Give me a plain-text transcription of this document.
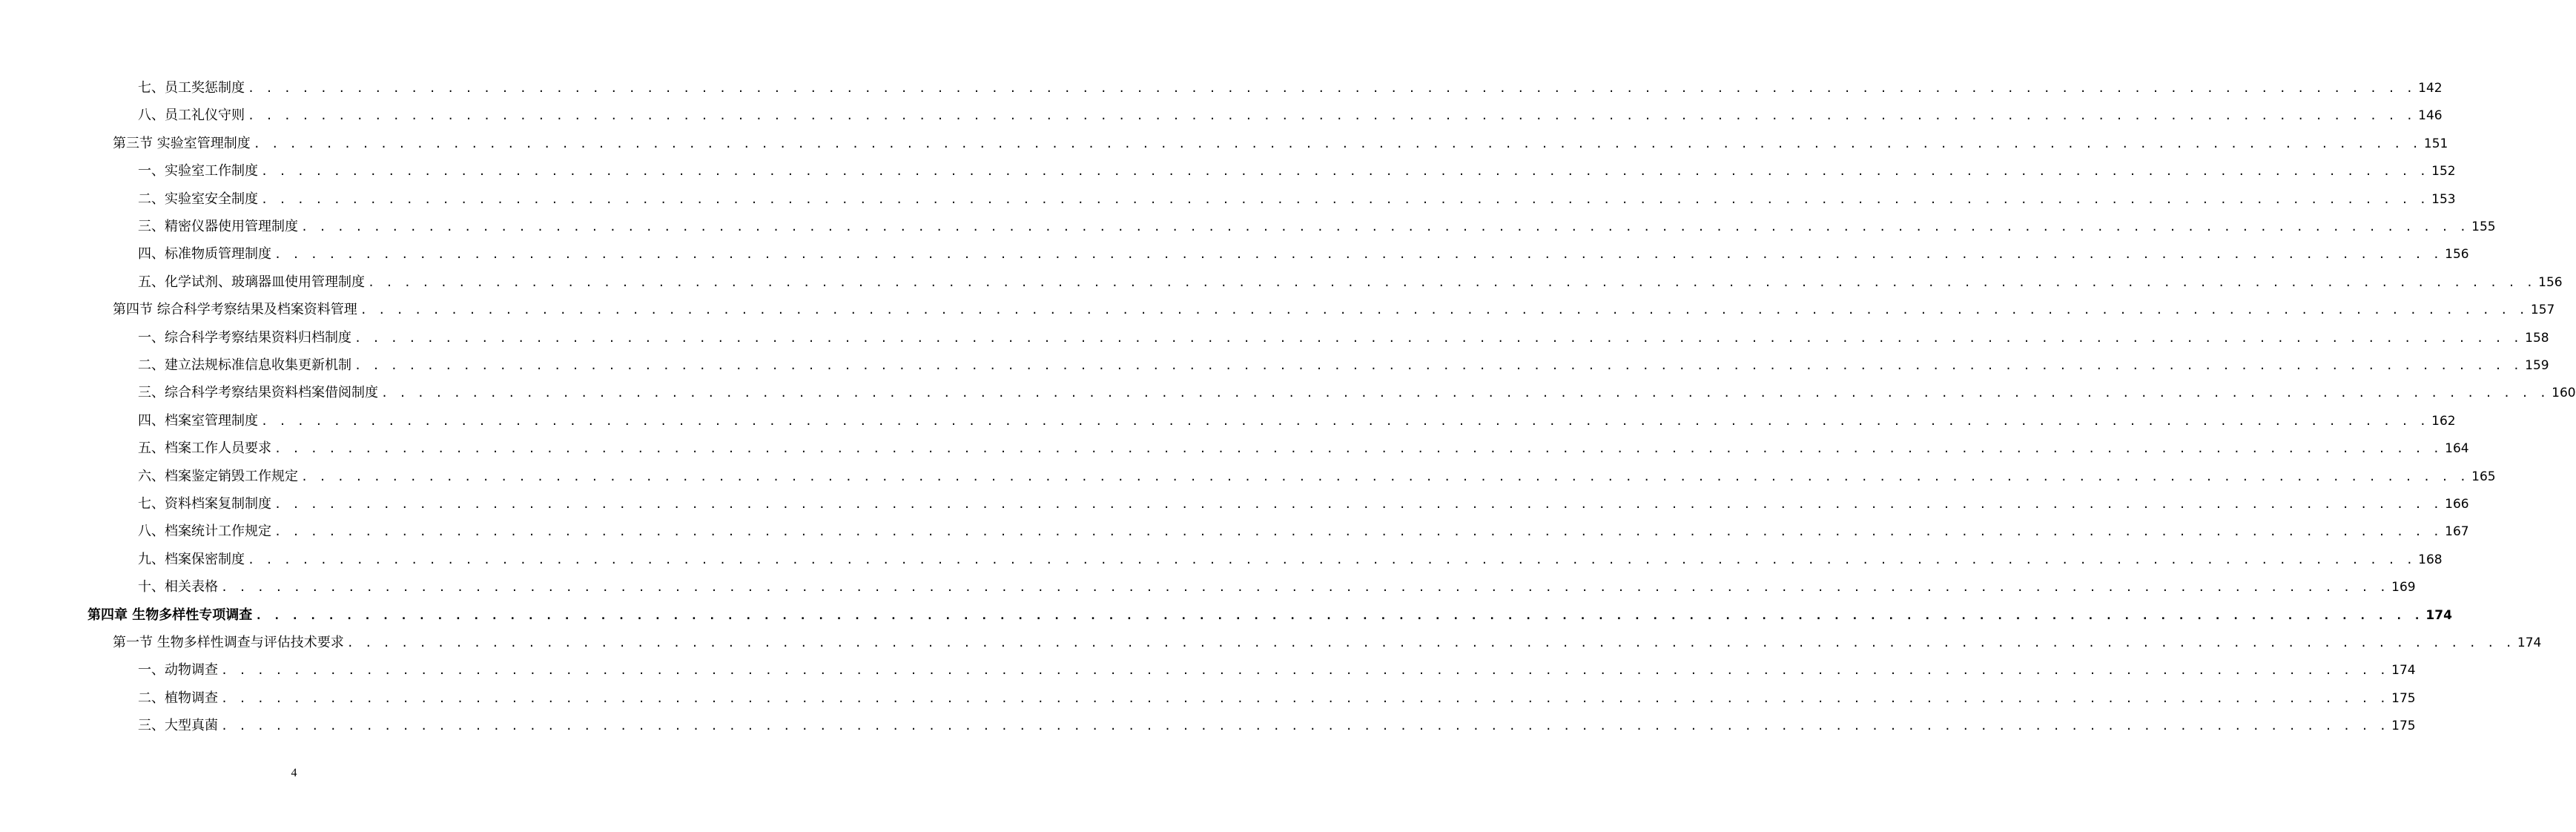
七、员工奖惩制度 . . . . . . . . . . . . . . . . . . . . . . . . . . . . . . . . . . . . . . . . . . . . . . . . . . . . . . . . . . . . . . . . . . . . . . . . . . . . . . . . . . . . . . . . . . . . . . . . . . . . . . . . . . . . . . . . . . . . . . . . 142
八、员工礼仪守则 . . . . . . . . . . . . . . . . . . . . . . . . . . . . . . . . . . . . . . . . . . . . . . . . . . . . . . . . . . . . . . . . . . . . . . . . . . . . . . . . . . . . . . . . . . . . . . . . . . . . . . . . . . . . . . . . . . . . . . . . 146
第三节 实验室管理制度 . . . . . . . . . . . . . . . . . . . . . . . . . . . . . . . . . . . . . . . . . . . . . . . . . . . . . . . . . . . . . . . . . . . . . . . . . . . . . . . . . . . . . . . . . . . . . . . . . . . . . . . . . . . . . . . . . . . . . . . . 151
一、实验室工作制度 . . . . . . . . . . . . . . . . . . . . . . . . . . . . . . . . . . . . . . . . . . . . . . . . . . . . . . . . . . . . . . . . . . . . . . . . . . . . . . . . . . . . . . . . . . . . . . . . . . . . . . . . . . . . . . . . . . . . . . . . 152
二、实验室安全制度 . . . . . . . . . . . . . . . . . . . . . . . . . . . . . . . . . . . . . . . . . . . . . . . . . . . . . . . . . . . . . . . . . . . . . . . . . . . . . . . . . . . . . . . . . . . . . . . . . . . . . . . . . . . . . . . . . . . . . . . . 153
三、精密仪器使用管理制度 . . . . . . . . . . . . . . . . . . . . . . . . . . . . . . . . . . . . . . . . . . . . . . . . . . . . . . . . . . . . . . . . . . . . . . . . . . . . . . . . . . . . . . . . . . . . . . . . . . . . . . . . . . . . . . . . . . . . . . . . 155
四、标准物质管理制度 . . . . . . . . . . . . . . . . . . . . . . . . . . . . . . . . . . . . . . . . . . . . . . . . . . . . . . . . . . . . . . . . . . . . . . . . . . . . . . . . . . . . . . . . . . . . . . . . . . . . . . . . . . . . . . . . . . . . . . . . 156
五、化学试剂、玻璃器皿使用管理制度 . . . . . . . . . . . . . . . . . . . . . . . . . . . . . . . . . . . . . . . . . . . . . . . . . . . . . . . . . . . . . . . . . . . . . . . . . . . . . . . . . . . . . . . . . . . . . . . . . . . . . . . . . . . . . . . . . . . . . . . . 156
第四节 综合科学考察结果及档案资料管理 . . . . . . . . . . . . . . . . . . . . . . . . . . . . . . . . . . . . . . . . . . . . . . . . . . . . . . . . . . . . . . . . . . . . . . . . . . . . . . . . . . . . . . . . . . . . . . . . . . . . . . . . . . . . . . . . . . . . . . . . 157
一、综合科学考察结果资料归档制度 . . . . . . . . . . . . . . . . . . . . . . . . . . . . . . . . . . . . . . . . . . . . . . . . . . . . . . . . . . . . . . . . . . . . . . . . . . . . . . . . . . . . . . . . . . . . . . . . . . . . . . . . . . . . . . . . . . . . . . . . 158
二、建立法规标准信息收集更新机制 . . . . . . . . . . . . . . . . . . . . . . . . . . . . . . . . . . . . . . . . . . . . . . . . . . . . . . . . . . . . . . . . . . . . . . . . . . . . . . . . . . . . . . . . . . . . . . . . . . . . . . . . . . . . . . . . . . . . . . . . 159
三、综合科学考察结果资料档案借阅制度 . . . . . . . . . . . . . . . . . . . . . . . . . . . . . . . . . . . . . . . . . . . . . . . . . . . . . . . . . . . . . . . . . . . . . . . . . . . . . . . . . . . . . . . . . . . . . . . . . . . . . . . . . . . . . . . . . . . . . . . . 160
四、档案室管理制度 . . . . . . . . . . . . . . . . . . . . . . . . . . . . . . . . . . . . . . . . . . . . . . . . . . . . . . . . . . . . . . . . . . . . . . . . . . . . . . . . . . . . . . . . . . . . . . . . . . . . . . . . . . . . . . . . . . . . . . . . 162
五、档案工作人员要求 . . . . . . . . . . . . . . . . . . . . . . . . . . . . . . . . . . . . . . . . . . . . . . . . . . . . . . . . . . . . . . . . . . . . . . . . . . . . . . . . . . . . . . . . . . . . . . . . . . . . . . . . . . . . . . . . . . . . . . . . 164
六、档案鉴定销毁工作规定 . . . . . . . . . . . . . . . . . . . . . . . . . . . . . . . . . . . . . . . . . . . . . . . . . . . . . . . . . . . . . . . . . . . . . . . . . . . . . . . . . . . . . . . . . . . . . . . . . . . . . . . . . . . . . . . . . . . . . . . . 165
七、资料档案复制制度 . . . . . . . . . . . . . . . . . . . . . . . . . . . . . . . . . . . . . . . . . . . . . . . . . . . . . . . . . . . . . . . . . . . . . . . . . . . . . . . . . . . . . . . . . . . . . . . . . . . . . . . . . . . . . . . . . . . . . . . . 166
八、档案统计工作规定 . . . . . . . . . . . . . . . . . . . . . . . . . . . . . . . . . . . . . . . . . . . . . . . . . . . . . . . . . . . . . . . . . . . . . . . . . . . . . . . . . . . . . . . . . . . . . . . . . . . . . . . . . . . . . . . . . . . . . . . . 167
九、档案保密制度 . . . . . . . . . . . . . . . . . . . . . . . . . . . . . . . . . . . . . . . . . . . . . . . . . . . . . . . . . . . . . . . . . . . . . . . . . . . . . . . . . . . . . . . . . . . . . . . . . . . . . . . . . . . . . . . . . . . . . . . . 168
十、相关表格 . . . . . . . . . . . . . . . . . . . . . . . . . . . . . . . . . . . . . . . . . . . . . . . . . . . . . . . . . . . . . . . . . . . . . . . . . . . . . . . . . . . . . . . . . . . . . . . . . . . . . . . . . . . . . . . . . . . . . . . . 169
第四章 生物多样性专项调查 . . . . . . . . . . . . . . . . . . . . . . . . . . . . . . . . . . . . . . . . . . . . . . . . . . . . . . . . . . . . . . . . . . . . . . . . . . . . . . . . . . . . . . . . . . . . . . . . . . . . . . . . . . . . . . . . . . . . . . . . 174
第一节 生物多样性调查与评估技术要求 . . . . . . . . . . . . . . . . . . . . . . . . . . . . . . . . . . . . . . . . . . . . . . . . . . . . . . . . . . . . . . . . . . . . . . . . . . . . . . . . . . . . . . . . . . . . . . . . . . . . . . . . . . . . . . . . . . . . . . . . 174
一、动物调查 . . . . . . . . . . . . . . . . . . . . . . . . . . . . . . . . . . . . . . . . . . . . . . . . . . . . . . . . . . . . . . . . . . . . . . . . . . . . . . . . . . . . . . . . . . . . . . . . . . . . . . . . . . . . . . . . . . . . . . . . 174
二、植物调查 . . . . . . . . . . . . . . . . . . . . . . . . . . . . . . . . . . . . . . . . . . . . . . . . . . . . . . . . . . . . . . . . . . . . . . . . . . . . . . . . . . . . . . . . . . . . . . . . . . . . . . . . . . . . . . . . . . . . . . . . 175
三、大型真菌 . . . . . . . . . . . . . . . . . . . . . . . . . . . . . . . . . . . . . . . . . . . . . . . . . . . . . . . . . . . . . . . . . . . . . . . . . . . . . . . . . . . . . . . . . . . . . . . . . . . . . . . . . . . . . . . . . . . . . . . . 175
4
